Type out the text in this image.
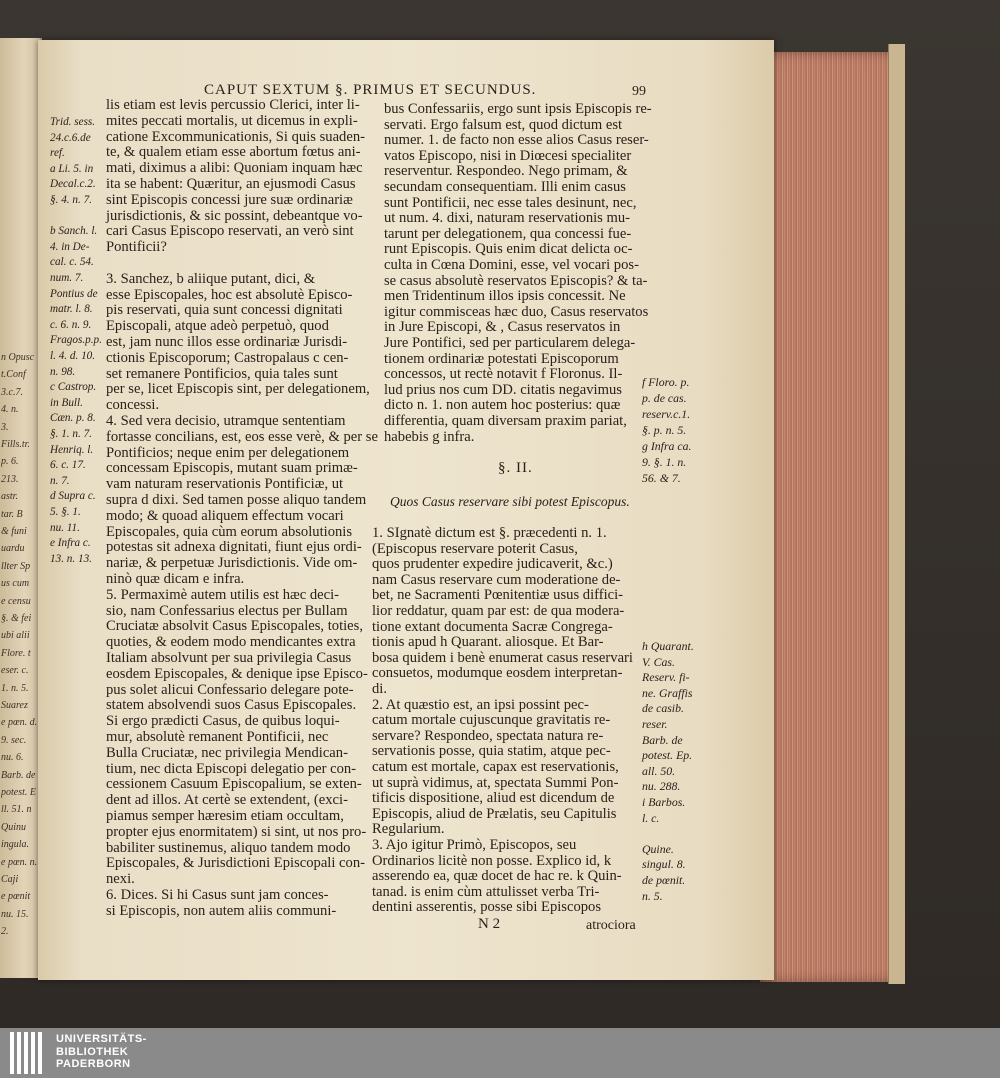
n Opusc
t.Conf
3.c.7.
4. n.
3.
Fills.tr.
p. 6.
213.
astr.
tar. B
& funi
uardu
llter Sp
us cum
e censu
§. & fei
ubi alii
Flore. t
eser. c.
1. n. 5.
Suarez
e pœn. d.
9. sec.
nu. 6.
Barb. de
potest. E
ll. 51. n
Quinu
ingula.
e pœn. n.
Caji
e pœnit
nu. 15.
2.
CAPUT SEXTUM §. PRIMUS ET SECUNDUS.	99
lis etiam est levis percussio Clerici, inter li-
mites peccati mortalis, ut dicemus in expli-
catione Excommunicationis, Si quis suaden-
te, & qualem etiam esse abortum fœtus ani-
mati, diximus a alibi: Quoniam inquam hæc
ita se habent: Quæritur, an ejusmodi Casus
sint Episcopis concessi jure suæ ordinariæ
jurisdictionis, & sic possint, debeantque vo-
cari Casus Episcopo reservati, an verò sint
Pontificii?
3. Sanchez, b aliique putant, dici, &
esse Episcopales, hoc est absolutè Episco-
pis reservati, quia sunt concessi dignitati
Episcopali, atque adeò perpetuò, quod
est, jam nunc illos esse ordinariæ Jurisdi-
ctionis Episcoporum; Castropalaus c cen-
set remanere Pontificios, quia tales sunt
per se, licet Episcopis sint, per delegationem,
concessi.
4. Sed vera decisio, utramque sententiam
fortasse concilians, est, eos esse verè, & per se
Pontificios; neque enim per delegationem
concessam Episcopis, mutant suam primæ-
vam naturam reservationis Pontificiæ, ut
supra d dixi. Sed tamen posse aliquo tandem
modo; & quoad aliquem effectum vocari
Episcopales, quia cùm eorum absolutionis
potestas sit adnexa dignitati, fiunt ejus ordi-
nariæ, & perpetuæ Jurisdictionis. Vide om-
ninò quæ dicam e infra.
5. Permaximè autem utilis est hæc deci-
sio, nam Confessarius electus per Bullam
Cruciatæ absolvit Casus Episcopales, toties,
quoties, & eodem modo mendicantes extra
Italiam absolvunt per sua privilegia Casus
eosdem Episcopales, & denique ipse Episco-
pus solet alicui Confessario delegare pote-
statem absolvendi suos Casus Episcopales.
Si ergo prædicti Casus, de quibus loqui-
mur, absolutè remanent Pontificii, nec
Bulla Cruciatæ, nec privilegia Mendican-
tium, nec dicta Episcopi delegatio per con-
cessionem Casuum Episcopalium, se exten-
dent ad illos. At certè se extendent, (exci-
piamus semper hæresim etiam occultam,
propter ejus enormitatem) si sint, ut nos pro-
babiliter sustinemus, aliquo tandem modo
Episcopales, & Jurisdictioni Episcopali con-
nexi.
6. Dices. Si hi Casus sunt jam conces-
si Episcopis, non autem aliis communi-
Trid. sess.
24.c.6.de
ref.
a Li. 5. in
Decal.c.2.
§. 4. n. 7.
b Sanch. l.
4. in De-
cal. c. 54.
num. 7.
Pontius de
matr. l. 8.
c. 6. n. 9.
Fragos.p.p.
l. 4. d. 10.
n. 98.
c Castrop.
in Bull.
Cæn. p. 8.
§. 1. n. 7.
Henriq. l.
6. c. 17.
n. 7.
d Supra c.
5. §. 1.
nu. 11.
e Infra c.
13. n. 13.
bus Confessariis, ergo sunt ipsis Episcopis re-
servati. Ergo falsum est, quod dictum est
numer. 1. de facto non esse alios Casus reser-
vatos Episcopo, nisi in Diœcesi specialiter
reserventur. Respondeo. Nego primam, &
secundam consequentiam. Illi enim casus
sunt Pontificii, nec esse tales desinunt, nec,
ut num. 4. dixi, naturam reservationis mu-
tarunt per delegationem, qua concessi fue-
runt Episcopis. Quis enim dicat delicta oc-
culta in Cœna Domini, esse, vel vocari pos-
se casus absolutè reservatos Episcopis? & ta-
men Tridentinum illos ipsis concessit. Ne
igitur commisceas hæc duo, Casus reservatos
in Jure Episcopi, & , Casus reservatos in
Jure Pontifici, sed per particularem delega-
tionem ordinariæ potestati Episcoporum
concessos, ut rectè notavit f Floronus. Il-
lud prius nos cum DD. citatis negavimus
dicto n. 1. non autem hoc posterius: quæ
differentia, quam diversam praxim pariat,
habebis g infra.
§. II.
Quos Casus reservare sibi potest Episcopus.
1. SIgnatè dictum est §. præcedenti n. 1.
(Episcopus reservare poterit Casus,
quos prudenter expedire judicaverit, &c.)
nam Casus reservare cum moderatione de-
bet, ne Sacramenti Pœnitentiæ usus diffici-
lior reddatur, quam par est: de qua modera-
tione extant documenta Sacræ Congrega-
tionis apud h Quarant. aliosque. Et Bar-
bosa quidem i benè enumerat casus reservari
consuetos, modumque eosdem interpretan-
di.
2. At quæstio est, an ipsi possint pec-
catum mortale cujuscunque gravitatis re-
servare? Respondeo, spectata natura re-
servationis posse, quia statim, atque pec-
catum est mortale, capax est reservationis,
ut suprà vidimus, at, spectata Summi Pon-
tificis dispositione, aliud est dicendum de
Episcopis, aliud de Prælatis, seu Capitulis
Regularium.
3. Ajo igitur Primò, Episcopos, seu
Ordinarios licitè non posse. Explico id, k
asserendo ea, quæ docet de hac re. k Quin-
tanad. is enim cùm attulisset verba Tri-
dentini asserentis, posse sibi Episcopos
f Floro. p.
p. de cas.
reserv.c.1.
§. p. n. 5.
g Infra ca.
9. §. 1. n.
56. & 7.
h Quarant.
V. Cas.
Reserv. fi-
ne. Graffis
de casib.
reser.
Barb. de
potest. Ep.
all. 50.
nu. 288.
i Barbos.
l. c.
Quine.
singul. 8.
de pœnit.
n. 5.
N 2	atrociora
UNIVERSITÄTS-
BIBLIOTHEK
PADERBORN
